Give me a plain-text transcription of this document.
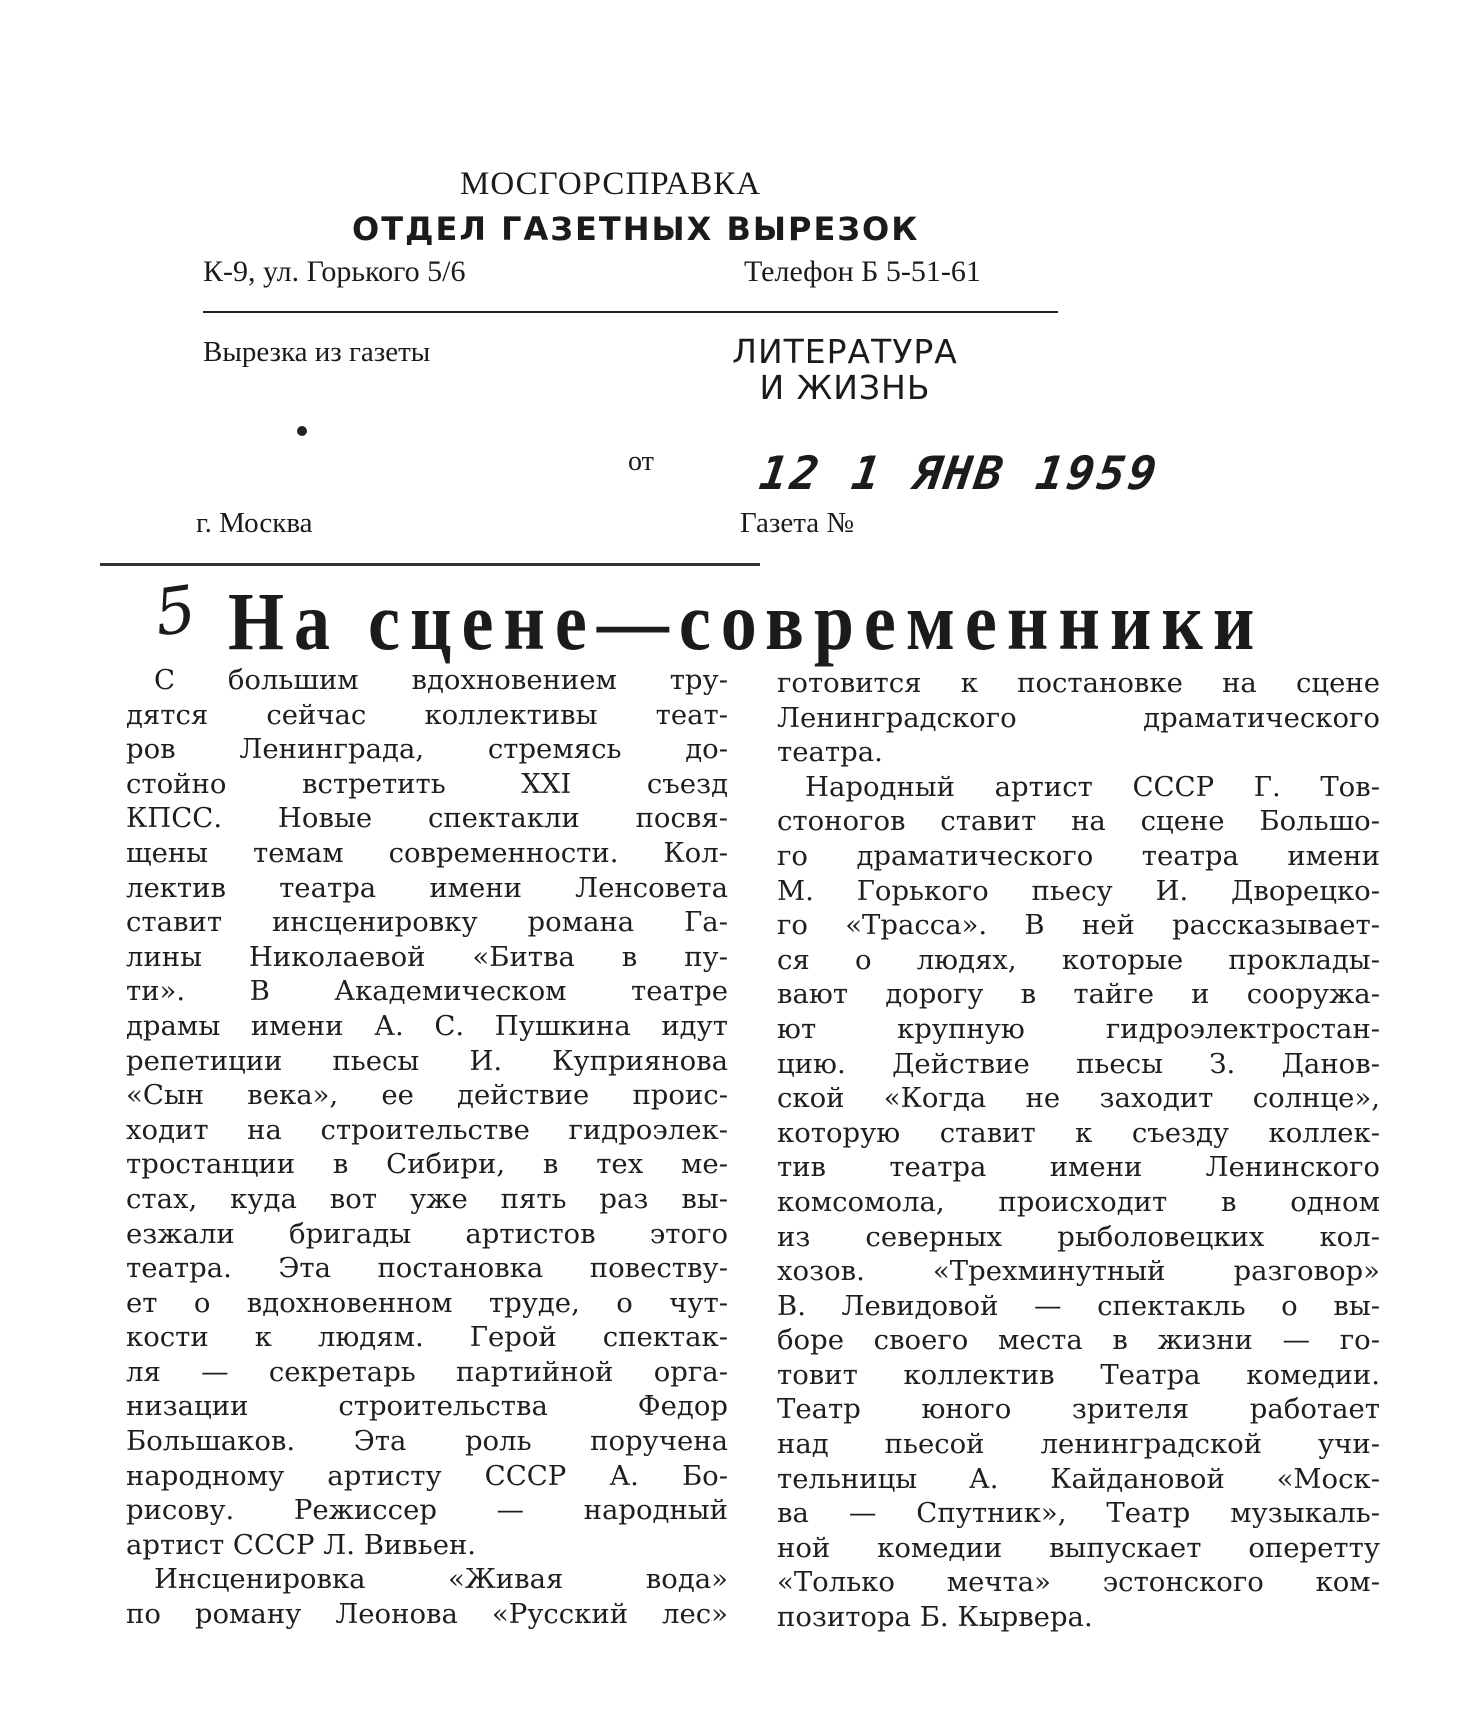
МОСГОРСПРАВКА
ОТДЕЛ ГАЗЕТНЫХ ВЫРЕЗОК
К-9, ул. Горького 5/6	Телефон Б 5-51-61
Вырезка из газеты	ЛИТЕРАТУРА И ЖИЗНЬ
от 12 1 ЯНВ 1959
г. Москва	Газета №
5 На сцене—современники
С большим вдохновением тру-
дятся сейчас коллективы теат-
ров Ленинграда, стремясь до-
стойно встретить XXI съезд
КПСС. Новые спектакли посвя-
щены темам современности. Кол-
лектив театра имени Ленсовета
ставит инсценировку романа Га-
лины Николаевой «Битва в пу-
ти». В Академическом театре
драмы имени А. С. Пушкина идут
репетиции пьесы И. Куприянова
«Сын века», ее действие проис-
ходит на строительстве гидроэлек-
тростанции в Сибири, в тех ме-
стах, куда вот уже пять раз вы-
езжали бригады артистов этого
театра. Эта постановка повеству-
ет о вдохновенном труде, о чут-
кости к людям. Герой спектак-
ля — секретарь партийной орга-
низации строительства Федор
Большаков. Эта роль поручена
народному артисту СССР А. Бо-
рисову. Режиссер — народный
артист СССР Л. Вивьен.
Инсценировка «Живая вода»
по роману Леонова «Русский лес»
готовится к постановке на сцене
Ленинградского драматического
театра.
Народный артист СССР Г. Тов-
стоногов ставит на сцене Большо-
го драматического театра имени
М. Горького пьесу И. Дворецко-
го «Трасса». В ней рассказывает-
ся о людях, которые проклады-
вают дорогу в тайге и сооружа-
ют крупную гидроэлектростан-
цию. Действие пьесы З. Данов-
ской «Когда не заходит солнце»,
которую ставит к съезду коллек-
тив театра имени Ленинского
комсомола, происходит в одном
из северных рыболовецких кол-
хозов. «Трехминутный разговор»
В. Левидовой — спектакль о вы-
боре своего места в жизни — го-
товит коллектив Театра комедии.
Театр юного зрителя работает
над пьесой ленинградской учи-
тельницы А. Кайдановой «Моск-
ва — Спутник», Театр музыкаль-
ной комедии выпускает оперетту
«Только мечта» эстонского ком-
позитора Б. Кырвера.
